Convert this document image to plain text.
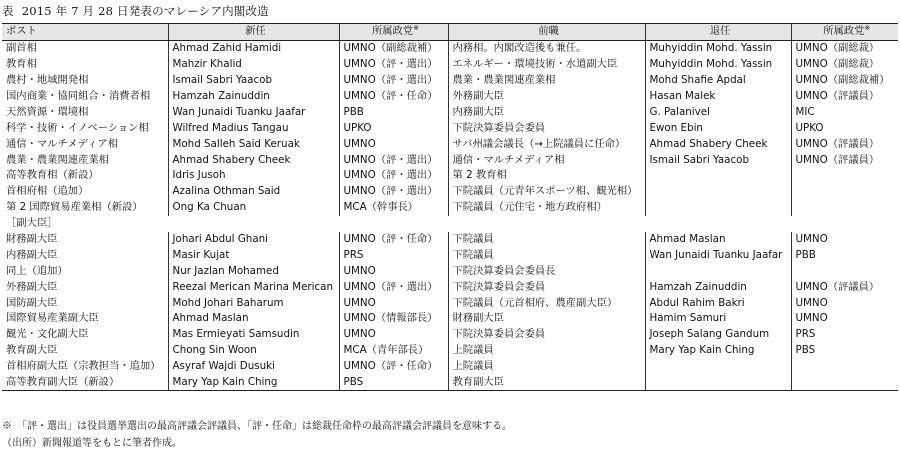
表 2015 年 7 月 28 日発表のマレーシア内閣改造
ポスト	新任	所属政党※	前職	退任	所属政党※
副首相	Ahmad Zahid Hamidi	UMNO（副総裁補）	内務相。内閣改造後も兼任。	Muhyiddin Mohd. Yassin	UMNO（副総裁）
教育相	Mahzir Khalid	UMNO（評・選出）	エネルギー・環境技術・水道副大臣	Muhyiddin Mohd. Yassin	UMNO（副総裁）
農村・地域開発相	Ismail Sabri Yaacob	UMNO（評・選出）	農業・農業関連産業相	Mohd Shafie Apdal	UMNO（副総裁補）
国内商業・協同組合・消費者相	Hamzah Zainuddin	UMNO（評・任命）	外務副大臣	Hasan Malek	UMNO（評議員）
天然資源・環境相	Wan Junaidi Tuanku Jaafar	PBB	内務副大臣	G. Palanivel	MIC
科学・技術・イノベーション相	Wilfred Madius Tangau	UPKO	下院決算委員会委員	Ewon Ebin	UPKO
通信・マルチメディア相	Mohd Salleh Said Keruak	UMNO	サバ州議会議長（→上院議員に任命）	Ahmad Shabery Cheek	UMNO（評議員）
農業・農業関連産業相	Ahmad Shabery Cheek	UMNO（評・選出）	通信・マルチメディア相	Ismail Sabri Yaacob	UMNO（評議員）
高等教育相（新設）	Idris Jusoh	UMNO（評・選出）	第 2 教育相		
首相府相（追加）	Azalina Othman Said	UMNO（評・選出）	下院議員（元青年スポーツ相、観光相）		
第 2 国際貿易産業相（新設）	Ong Ka Chuan	MCA（幹事長）	下院議員（元住宅・地方政府相）		
［副大臣］					
財務副大臣	Johari Abdul Ghani	UMNO（評・任命）	下院議員	Ahmad Maslan	UMNO
内務副大臣	Masir Kujat	PRS	下院議員	Wan Junaidi Tuanku Jaafar	PBB
同上（追加）	Nur Jazlan Mohamed	UMNO	下院決算委員会委員長		
外務副大臣	Reezal Merican Marina Merican	UMNO（評・選出）	下院決算委員会委員	Hamzah Zainuddin	UMNO（評議員）
国防副大臣	Mohd Johari Baharum	UMNO	下院議員（元首相府、農産副大臣）	Abdul Rahim Bakri	UMNO
国際貿易産業副大臣	Ahmad Maslan	UMNO（情報部長）	財務副大臣	Hamim Samuri	UMNO
観光・文化副大臣	Mas Ermieyati Samsudin	UMNO	下院決算委員会委員	Joseph Salang Gandum	PRS
教育副大臣	Chong Sin Woon	MCA（青年部長）	上院議員	Mary Yap Kain Ching	PBS
首相府副大臣（宗教担当・追加）	Asyraf Wajdi Dusuki	UMNO（評・任命）	上院議員		
高等教育副大臣（新設）	Mary Yap Kain Ching	PBS	教育副大臣		
※　「評・選出」は役員選挙選出の最高評議会評議員、「評・任命」は総裁任命枠の最高評議会評議員を意味する。
（出所）新聞報道等をもとに筆者作成。
